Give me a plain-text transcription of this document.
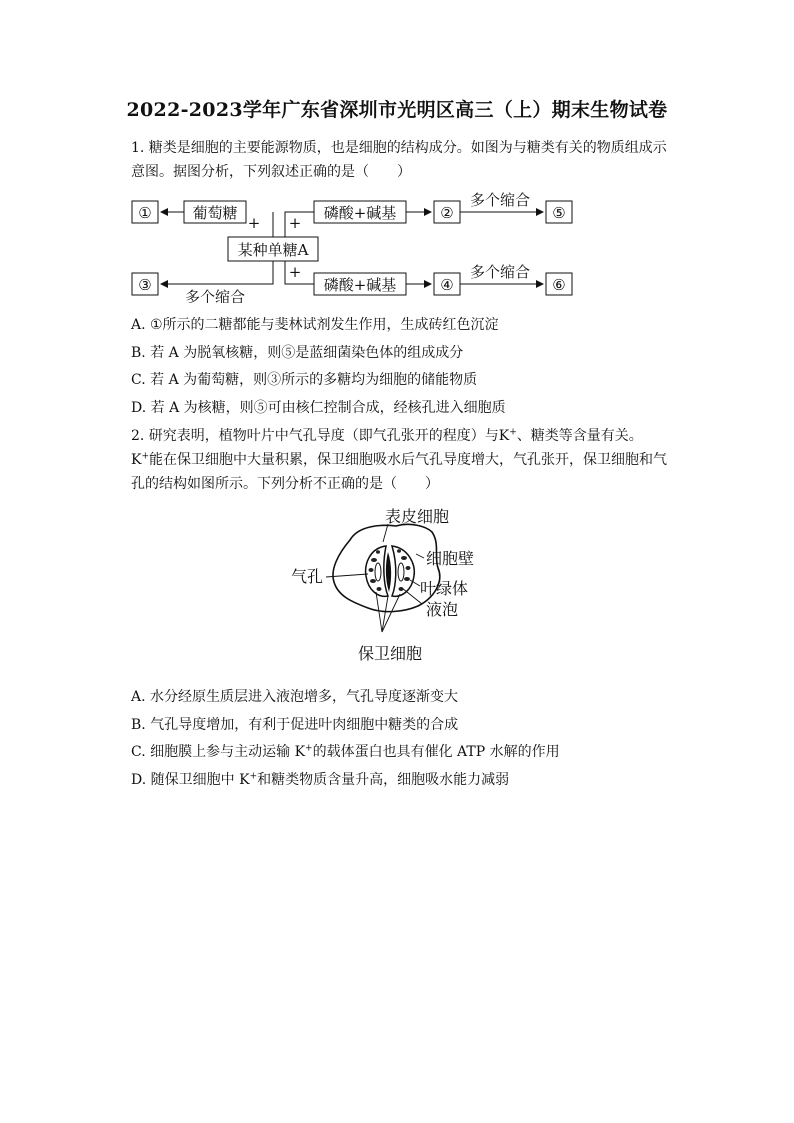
2022-2023学年广东省深圳市光明区高三（上）期末生物试卷
1. 糖类是细胞的主要能源物质，也是细胞的结构成分。如图为与糖类有关的物质组成示意图。据图分析，下列叙述正确的是（　　）
①	葡萄糖
+ +
磷酸+碱基	②
多个缩合
⑤
某种单糖A
+
③
多个缩合
磷酸+碱基	④
多个缩合
⑥
A. ①所示的二糖都能与斐林试剂发生作用，生成砖红色沉淀
B. 若 A 为脱氧核糖，则⑤是蓝细菌染色体的组成成分
C. 若 A 为葡萄糖，则③所示的多糖均为细胞的储能物质
D. 若 A 为核糖，则⑤可由核仁控制合成，经核孔进入细胞质
2. 研究表明，植物叶片中气孔导度（即气孔张开的程度）与K+、糖类等含量有关。K+能在保卫细胞中大量积累，保卫细胞吸水后气孔导度增大，气孔张开，保卫细胞和气孔的结构如图所示。下列分析不正确的是（　　）
表皮细胞
细胞壁
气孔
叶绿体
液泡
保卫细胞
A. 水分经原生质层进入液泡增多，气孔导度逐渐变大
B. 气孔导度增加，有利于促进叶肉细胞中糖类的合成
C. 细胞膜上参与主动运输 K+的载体蛋白也具有催化 ATP 水解的作用
D. 随保卫细胞中 K+和糖类物质含量升高，细胞吸水能力减弱
